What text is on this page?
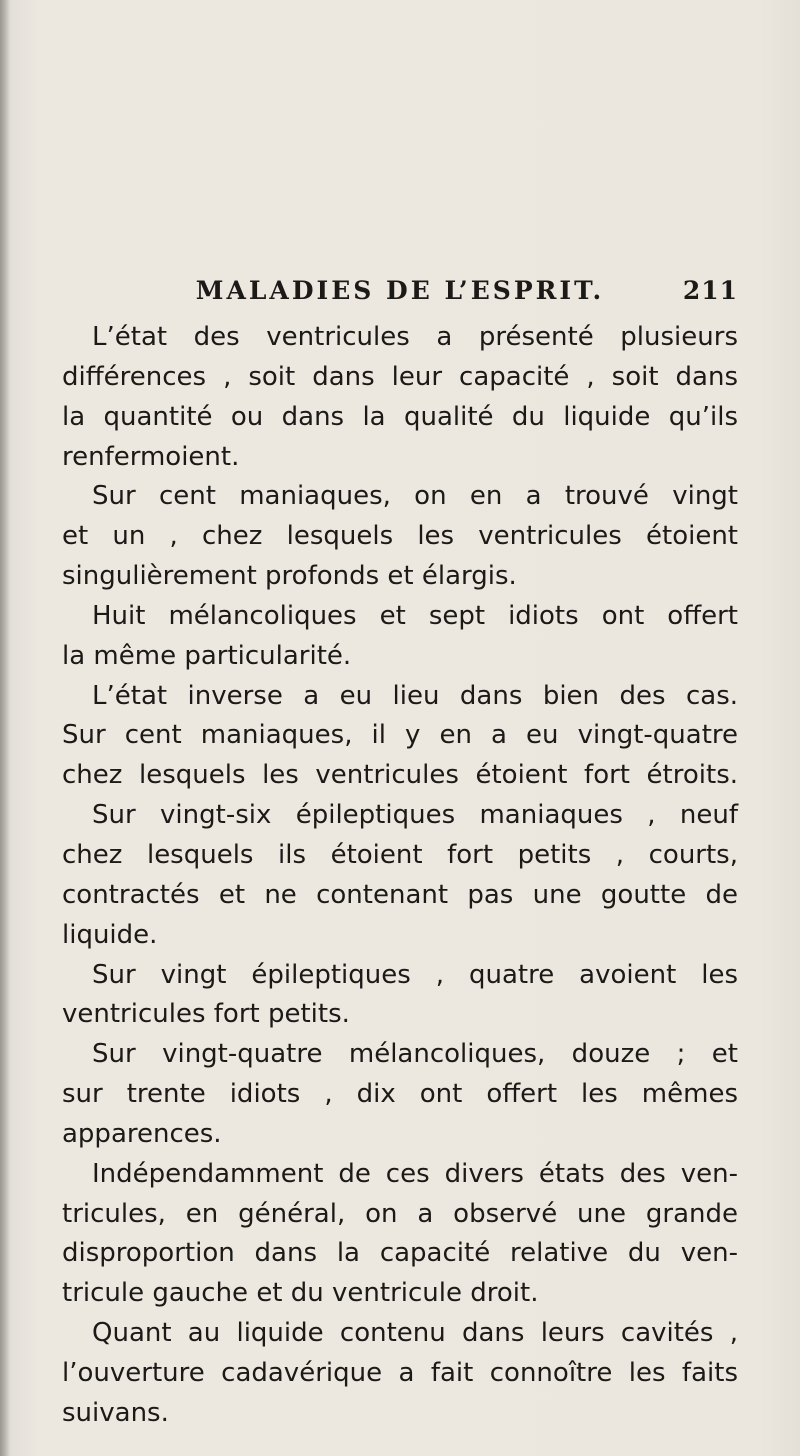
MALADIES DE L’ESPRIT.	211
L’état des ventricules a présenté plusieurs
différences , soit dans leur capacité , soit dans
la quantité ou dans la qualité du liquide qu’ils
renfermoient.
Sur cent maniaques, on en a trouvé vingt
et un , chez lesquels les ventricules étoient
singulièrement profonds et élargis.
Huit mélancoliques et sept idiots ont offert
la même particularité.
L’état inverse a eu lieu dans bien des cas.
Sur cent maniaques, il y en a eu vingt-quatre
chez lesquels les ventricules étoient fort étroits.
Sur vingt-six épileptiques maniaques , neuf
chez lesquels ils étoient fort petits , courts,
contractés et ne contenant pas une goutte de
liquide.
Sur vingt épileptiques , quatre avoient les
ventricules fort petits.
Sur vingt-quatre mélancoliques, douze ; et
sur trente idiots , dix ont offert les mêmes
apparences.
Indépendamment de ces divers états des ven-
tricules, en général, on a observé une grande
disproportion dans la capacité relative du ven-
tricule gauche et du ventricule droit.
Quant au liquide contenu dans leurs cavités ,
l’ouverture cadavérique a fait connoître les faits
suivans.
